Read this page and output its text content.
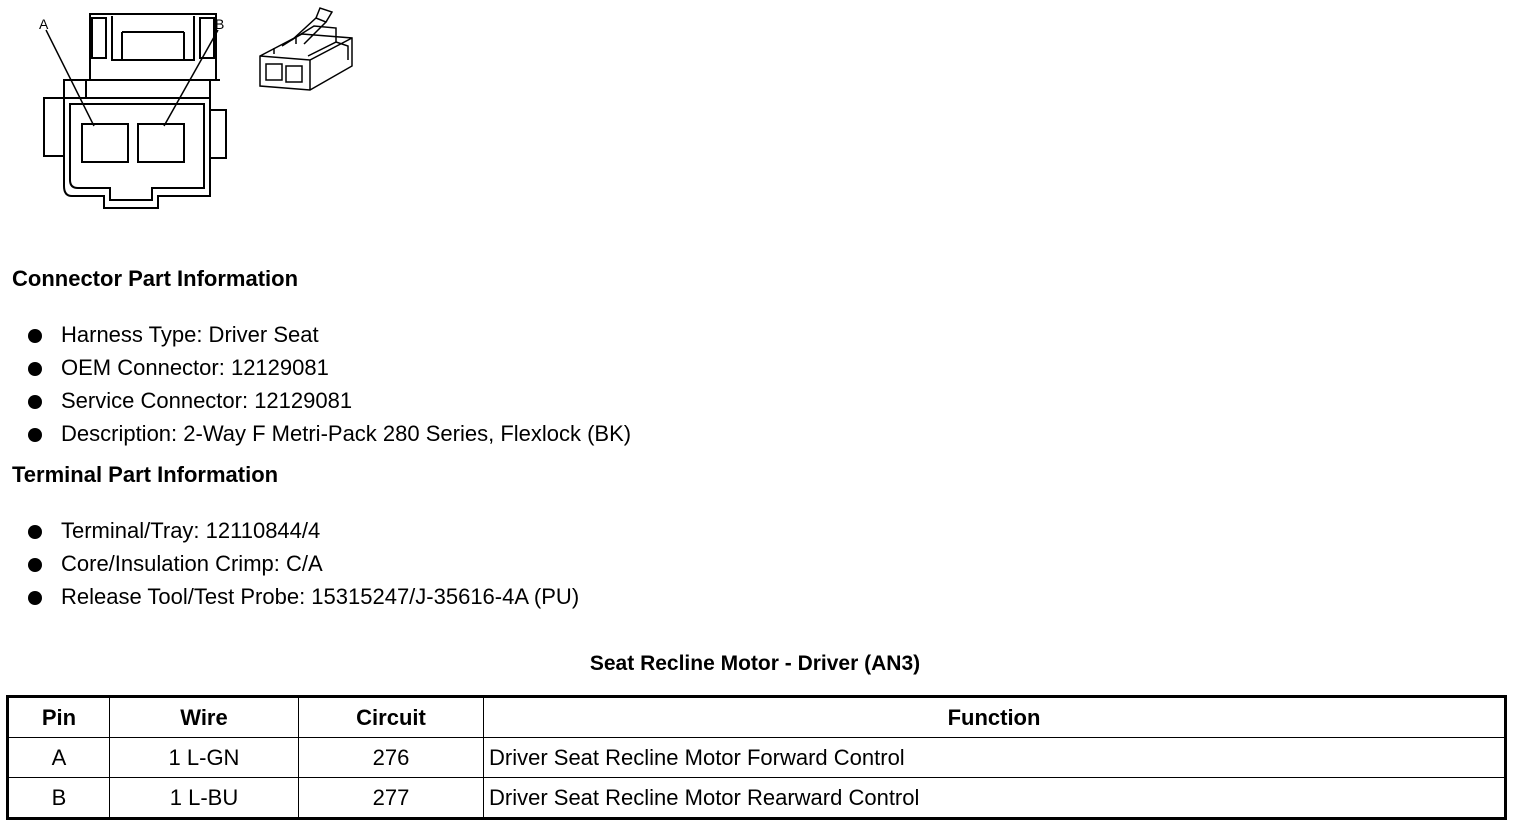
A	B
Connector Part Information
Harness Type: Driver Seat
OEM Connector: 12129081
Service Connector: 12129081
Description: 2-Way F Metri-Pack 280 Series, Flexlock (BK)
Terminal Part Information
Terminal/Tray: 12110844/4
Core/Insulation Crimp: C/A
Release Tool/Test Probe: 15315247/J-35616-4A (PU)
Seat Recline Motor - Driver (AN3)
Pin	Wire	Circuit	Function
A	1 L-GN	276	Driver Seat Recline Motor Forward Control
B	1 L-BU	277	Driver Seat Recline Motor Rearward Control
